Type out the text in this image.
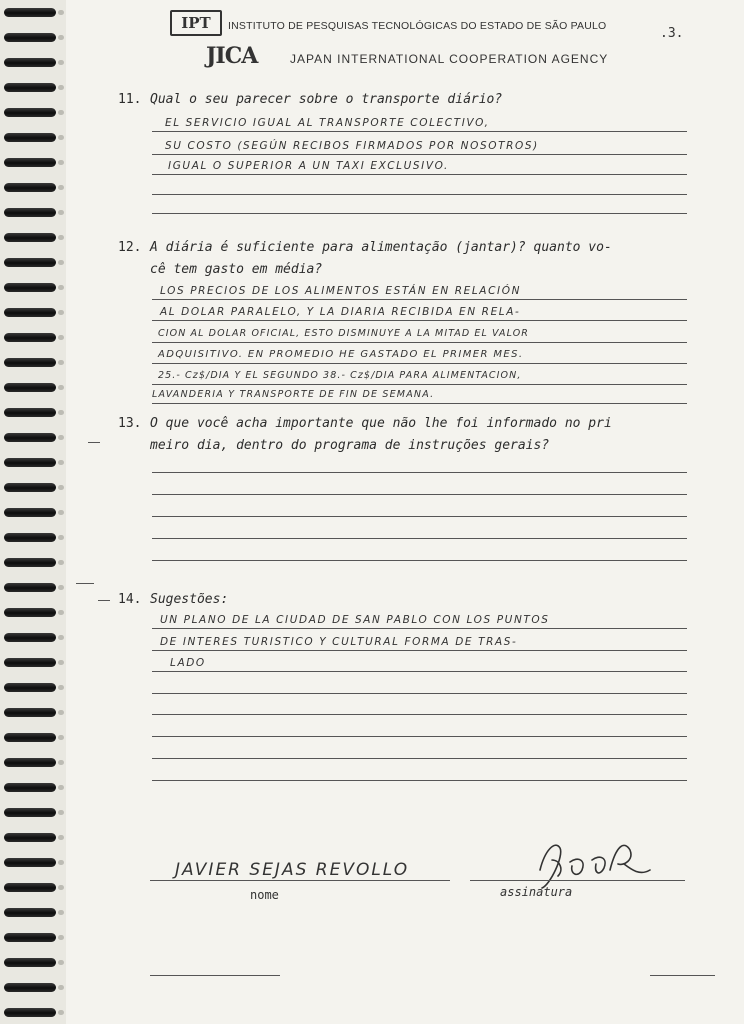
IPT	INSTITUTO DE PESQUISAS TECNOLÓGICAS DO ESTADO DE SÃO PAULO
JICA	JAPAN INTERNATIONAL COOPERATION AGENCY
.3.
11. Qual o seu parecer sobre o transporte diário?
EL SERVICIO IGUAL AL TRANSPORTE COLECTIVO,
SU COSTO (SEGÚN RECIBOS FIRMADOS POR NOSOTROS)
IGUAL O SUPERIOR A UN TAXI EXCLUSIVO.
12. A diária é suficiente para alimentação (jantar)? quanto vo-
cê tem gasto em média?
LOS PRECIOS DE LOS ALIMENTOS ESTÁN EN RELACIÓN
AL DOLAR PARALELO, Y LA DIARIA RECIBIDA EN RELA-
CION AL DOLAR OFICIAL, ESTO DISMINUYE A LA MITAD EL VALOR
ADQUISITIVO. EN PROMEDIO HE GASTADO EL PRIMER MES.
25.- Cz$/DIA Y EL SEGUNDO 38.- Cz$/DIA PARA ALIMENTACION,
LAVANDERIA Y TRANSPORTE DE FIN DE SEMANA.
13. O que você acha importante que não lhe foi informado no pri
meiro dia, dentro do programa de instruções gerais?
14. Sugestões:
UN PLANO DE LA CIUDAD DE SAN PABLO CON LOS PUNTOS
DE INTERES TURISTICO Y CULTURAL FORMA DE TRAS-
LADO
JAVIER SEJAS REVOLLO
nome	assinatura
